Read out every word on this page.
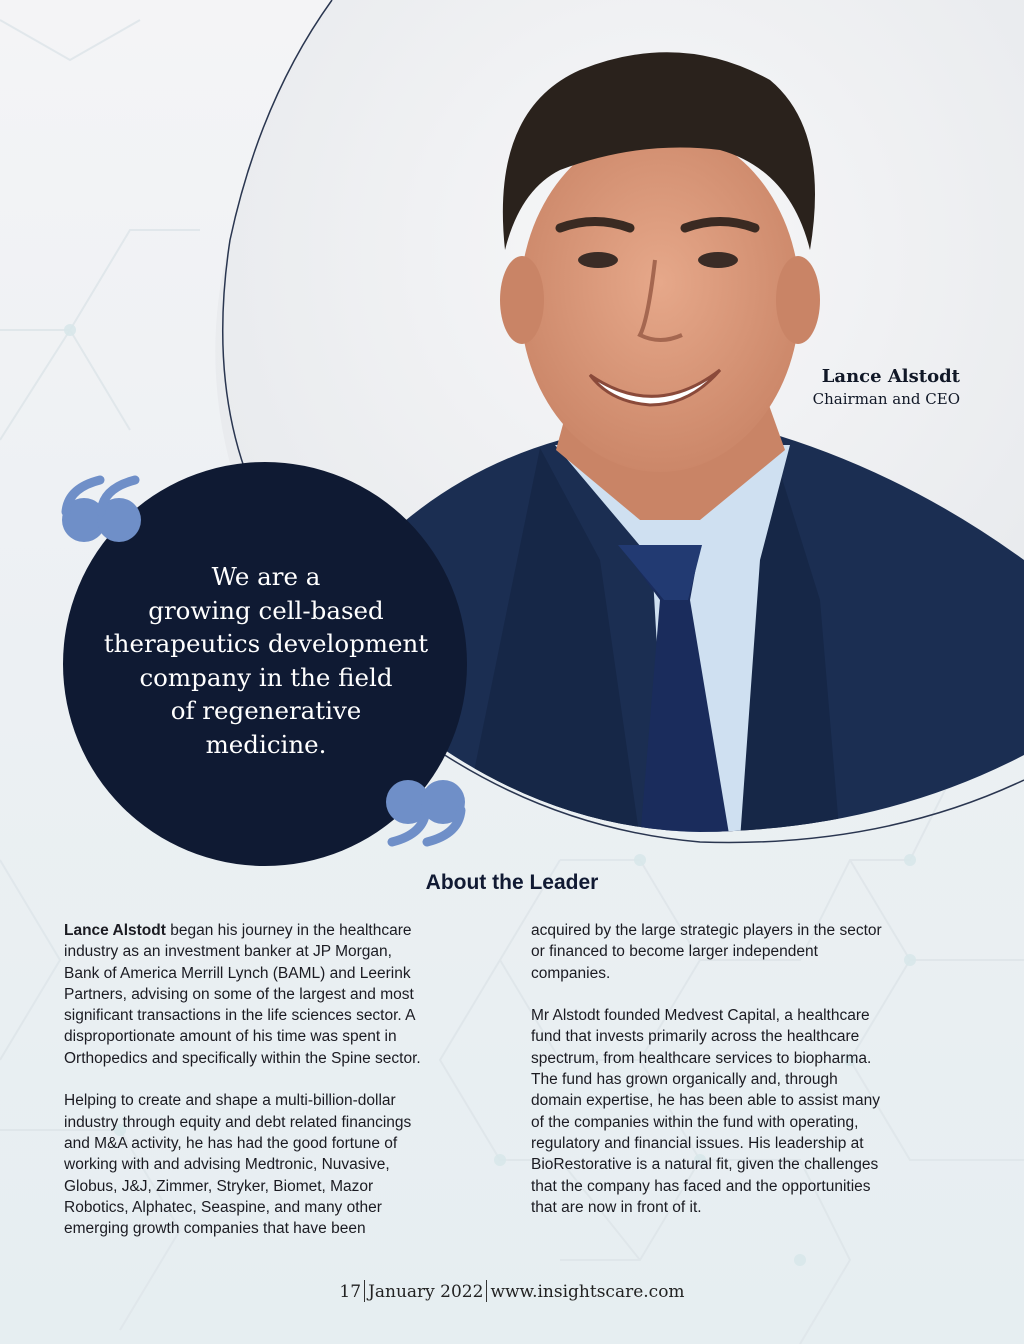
Lance Alstodt
Chairman and CEO
We are a
growing cell-based
therapeutics development
company in the field
of regenerative
medicine.
About the Leader
Lance Alstodt began his journey in the healthcare
industry as an investment banker at JP Morgan,
Bank of America Merrill Lynch (BAML) and Leerink
Partners, advising on some of the largest and most
significant transactions in the life sciences sector. A
disproportionate amount of his time was spent in
Orthopedics and specifically within the Spine sector.
Helping to create and shape a multi-billion-dollar
industry through equity and debt related financings
and M&A activity, he has had the good fortune of
working with and advising Medtronic, Nuvasive,
Globus, J&J, Zimmer, Stryker, Biomet, Mazor
Robotics, Alphatec, Seaspine, and many other
emerging growth companies that have been
acquired by the large strategic players in the sector
or financed to become larger independent
companies.
Mr Alstodt founded Medvest Capital, a healthcare
fund that invests primarily across the healthcare
spectrum, from healthcare services to biopharma.
The fund has grown organically and, through
domain expertise, he has been able to assist many
of the companies within the fund with operating,
regulatory and financial issues. His leadership at
BioRestorative is a natural fit, given the challenges
that the company has faced and the opportunities
that are now in front of it.
17 January 2022 www.insightscare.com
